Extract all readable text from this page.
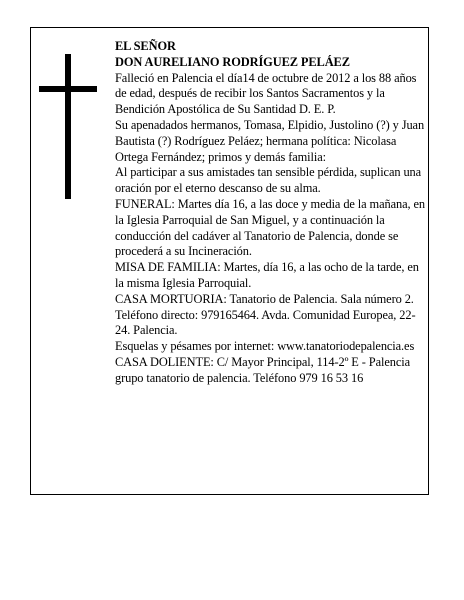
EL SEÑOR

DON AURELIANO RODRÍGUEZ PELÁEZ

Falleció en Palencia el día14 de octubre de 2012 a los 88 años de edad, después de recibir los Santos Sacramentos y la Bendición Apostólica de Su Santidad D. E. P.

Su apenadados hermanos, Tomasa, Elpidio, Justolino (?) y Juan Bautista (?) Rodríguez Peláez; hermana política: Nicolasa Ortega Fernández; primos y demás familia:

Al participar a sus amistades tan sensible pérdida, suplican una oración por el eterno descanso de su alma.

FUNERAL: Martes día 16, a las doce y media de la mañana, en la Iglesia Parroquial de San Miguel, y a continuación la conducción del cadáver al Tanatorio de Palencia, donde se procederá a su Incineración.

MISA DE FAMILIA: Martes, día 16, a las ocho de la tarde, en la misma Iglesia Parroquial.

CASA MORTUORIA: Tanatorio de Palencia. Sala número 2. Teléfono directo: 979165464. Avda. Comunidad Europea, 22-24. Palencia.

Esquelas y pésames por internet: www.tanatoriodepalencia.es

CASA DOLIENTE: C/ Mayor Principal, 114-2º E - Palencia

grupo tanatorio de palencia. Teléfono 979 16 53 16
